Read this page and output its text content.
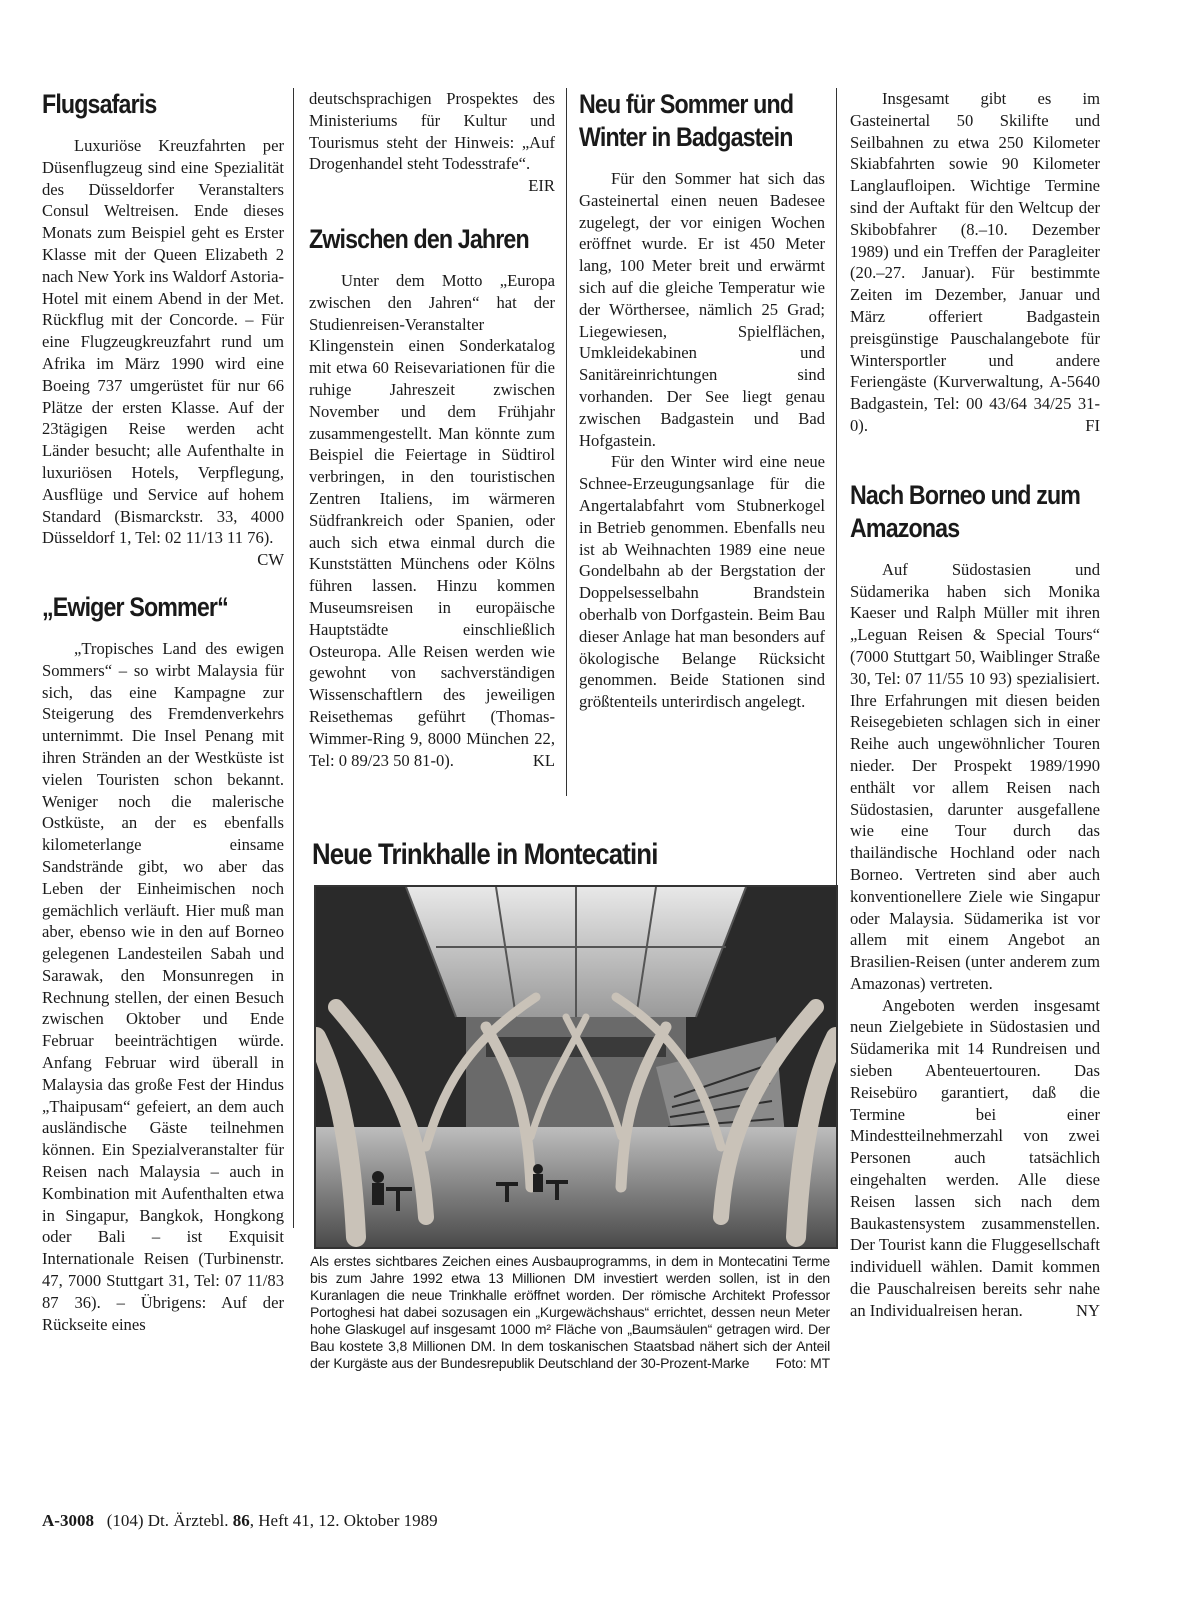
Flugsafaris

Luxuriöse Kreuzfahrten per Düsenflugzeug sind eine Spezialität des Düsseldorfer Veranstalters Consul Weltreisen. Ende dieses Monats zum Beispiel geht es Erster Klasse mit der Queen Elizabeth 2 nach New York ins Waldorf Astoria-Hotel mit einem Abend in der Met. Rückflug mit der Concorde. – Für eine Flugzeugkreuzfahrt rund um Afrika im März 1990 wird eine Boeing 737 umgerüstet für nur 66 Plätze der ersten Klasse. Auf der 23tägigen Reise werden acht Länder besucht; alle Aufenthalte in luxuriösen Hotels, Verpflegung, Ausflüge und Service auf hohem Standard (Bismarckstr. 33, 4000 Düsseldorf 1, Tel: 02 11/13 11 76).
CW

„Ewiger Sommer“

„Tropisches Land des ewigen Sommers“ – so wirbt Malaysia für sich, das eine Kampagne zur Steigerung des Fremdenverkehrs unternimmt. Die Insel Penang mit ihren Stränden an der Westküste ist vielen Touristen schon bekannt. Weniger noch die malerische Ostküste, an der es ebenfalls kilometerlange einsame Sandstrände gibt, wo aber das Leben der Einheimischen noch gemächlich verläuft. Hier muß man aber, ebenso wie in den auf Borneo gelegenen Landesteilen Sabah und Sarawak, den Monsunregen in Rechnung stellen, der einen Besuch zwischen Oktober und Ende Februar beeinträchtigen würde. Anfang Februar wird überall in Malaysia das große Fest der Hindus „Thaipusam“ gefeiert, an dem auch ausländische Gäste teilnehmen können. Ein Spezialveranstalter für Reisen nach Malaysia – auch in Kombination mit Aufenthalten etwa in Singapur, Bangkok, Hongkong oder Bali – ist Exquisit Internationale Reisen (Turbinenstr. 47, 7000 Stuttgart 31, Tel: 07 11/83 87 36). – Übrigens: Auf der Rückseite eines

deutschsprachigen Prospektes des Ministeriums für Kultur und Tourismus steht der Hinweis: „Auf Drogenhandel steht Todesstrafe“.
EIR

Zwischen den Jahren

Unter dem Motto „Europa zwischen den Jahren“ hat der Studienreisen-Veranstalter Klingenstein einen Sonderkatalog mit etwa 60 Reisevariationen für die ruhige Jahreszeit zwischen November und dem Frühjahr zusammengestellt. Man könnte zum Beispiel die Feiertage in Südtirol verbringen, in den touristischen Zentren Italiens, im wärmeren Südfrankreich oder Spanien, oder auch sich etwa einmal durch die Kunststätten Münchens oder Kölns führen lassen. Hinzu kommen Museumsreisen in europäische Hauptstädte einschließlich Osteuropa. Alle Reisen werden wie gewohnt von sachverständigen Wissenschaftlern des jeweiligen Reisethemas geführt (Thomas-Wimmer-Ring 9, 8000 München 22, Tel: 0 89/23 50 81-0).	KL

Neu für Sommer und Winter in Badgastein

Für den Sommer hat sich das Gasteinertal einen neuen Badesee zugelegt, der vor einigen Wochen eröffnet wurde. Er ist 450 Meter lang, 100 Meter breit und erwärmt sich auf die gleiche Temperatur wie der Wörthersee, nämlich 25 Grad; Liegewiesen, Spielflächen, Umkleidekabinen und Sanitäreinrichtungen sind vorhanden. Der See liegt genau zwischen Badgastein und Bad Hofgastein.

Für den Winter wird eine neue Schnee-Erzeugungsanlage für die Angertalabfahrt vom Stubnerkogel in Betrieb genommen. Ebenfalls neu ist ab Weihnachten 1989 eine neue Gondelbahn ab der Bergstation der Doppelsesselbahn Brandstein oberhalb von Dorfgastein. Beim Bau dieser Anlage hat man besonders auf ökologische Belange Rücksicht genommen. Beide Stationen sind größtenteils unterirdisch angelegt.

Neue Trinkhalle in Montecatini

Als erstes sichtbares Zeichen eines Ausbauprogramms, in dem in Montecatini Terme bis zum Jahre 1992 etwa 13 Millionen DM investiert werden sollen, ist in den Kuranlagen die neue Trinkhalle eröffnet worden. Der römische Architekt Professor Portoghesi hat dabei sozusagen ein „Kurgewächshaus“ errichtet, dessen neun Meter hohe Glaskugel auf insgesamt 1000 m² Fläche von „Baumsäulen“ getragen wird. Der Bau kostete 3,8 Millionen DM. In dem toskanischen Staatsbad nähert sich der Anteil der Kurgäste aus der Bundesrepublik Deutschland der 30-Prozent-Marke	Foto: MT

Insgesamt gibt es im Gasteinertal 50 Skilifte und Seilbahnen zu etwa 250 Kilometer Skiabfahrten sowie 90 Kilometer Langlaufloipen. Wichtige Termine sind der Auftakt für den Weltcup der Skibobfahrer (8.–10. Dezember 1989) und ein Treffen der Paragleiter (20.–27. Januar). Für bestimmte Zeiten im Dezember, Januar und März offeriert Badgastein preisgünstige Pauschalangebote für Wintersportler und andere Feriengäste (Kurverwaltung, A-5640 Badgastein, Tel: 00 43/64 34/25 31-0).	FI

Nach Borneo und zum Amazonas

Auf Südostasien und Südamerika haben sich Monika Kaeser und Ralph Müller mit ihren „Leguan Reisen & Special Tours“ (7000 Stuttgart 50, Waiblinger Straße 30, Tel: 07 11/55 10 93) spezialisiert. Ihre Erfahrungen mit diesen beiden Reisegebieten schlagen sich in einer Reihe auch ungewöhnlicher Touren nieder. Der Prospekt 1989/1990 enthält vor allem Reisen nach Südostasien, darunter ausgefallene wie eine Tour durch das thailändische Hochland oder nach Borneo. Vertreten sind aber auch konventionellere Ziele wie Singapur oder Malaysia. Südamerika ist vor allem mit einem Angebot an Brasilien-Reisen (unter anderem zum Amazonas) vertreten.

Angeboten werden insgesamt neun Zielgebiete in Südostasien und Südamerika mit 14 Rundreisen und sieben Abenteuertouren. Das Reisebüro garantiert, daß die Termine bei einer Mindestteilnehmerzahl von zwei Personen auch tatsächlich eingehalten werden. Alle diese Reisen lassen sich nach dem Baukastensystem zusammenstellen. Der Tourist kann die Fluggesellschaft individuell wählen. Damit kommen die Pauschalreisen bereits sehr nahe an Individualreisen heran.	NY

A-3008 (104) Dt. Ärztebl. 86, Heft 41, 12. Oktober 1989
